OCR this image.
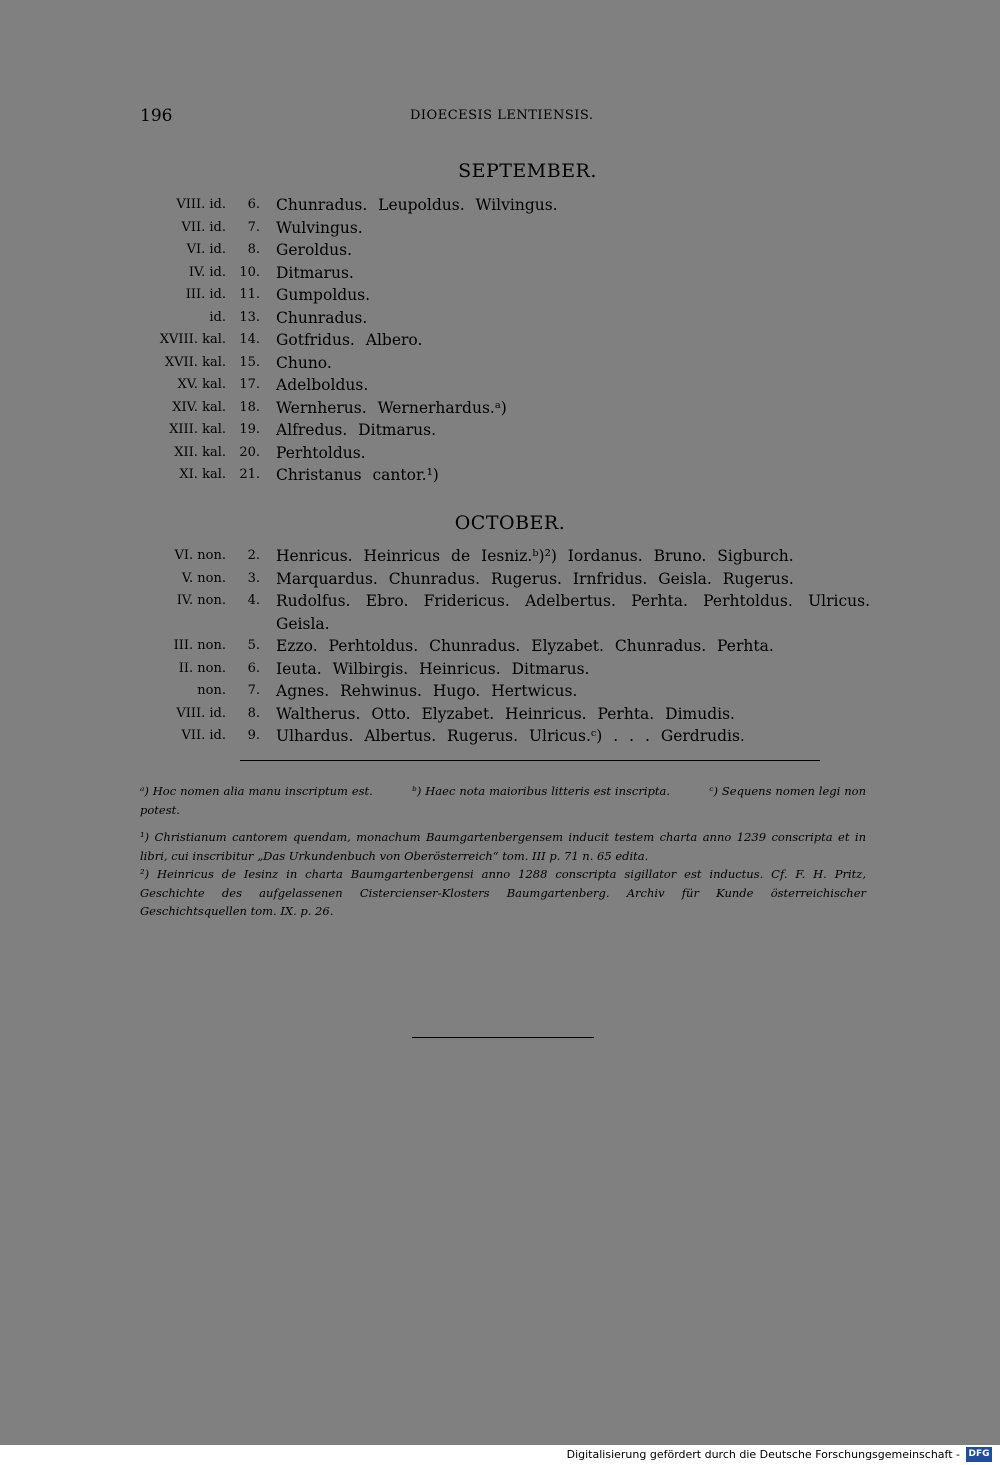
196	DIOECESIS LENTIENSIS.
SEPTEMBER.
VIII. id.	6. Chunradus. Leupoldus. Wilvingus.
VII. id.	7. Wulvingus.
VI. id.	8. Geroldus.
IV. id.	10. Ditmarus.
III. id.	11. Gumpoldus.
id.	13. Chunradus.
XVIII. kal.	14. Gotfridus. Albero.
XVII. kal.	15. Chuno.
XV. kal.	17. Adelboldus.
XIV. kal.	18. Wernherus. Wernerhardus.ᵃ)
XIII. kal.	19. Alfredus. Ditmarus.
XII. kal.	20. Perhtoldus.
XI. kal.	21. Christanus cantor.¹)
OCTOBER.
VI. non.	2. Henricus. Heinricus de Iesniz.ᵇ)²) Iordanus. Bruno. Sigburch.
V. non.	3. Marquardus. Chunradus. Rugerus. Irnfridus. Geisla. Rugerus.
IV. non.	4. Rudolfus. Ebro. Fridericus. Adelbertus. Perhta. Perhtoldus. Ulricus. Geisla.
III. non.	5. Ezzo. Perhtoldus. Chunradus. Elyzabet. Chunradus. Perhta.
II. non.	6. Ieuta. Wilbirgis. Heinricus. Ditmarus.
non.	7. Agnes. Rehwinus. Hugo. Hertwicus.
VIII. id.	8. Waltherus. Otto. Elyzabet. Heinricus. Perhta. Dimudis.
VII. id.	9. Ulhardus. Albertus. Rugerus. Ulricus.ᶜ) . . . Gerdrudis.

ᵃ) Hoc nomen alia manu inscriptum est.          ᵇ) Haec nota maioribus litteris est inscripta.          ᶜ) Sequens nomen legi non potest.

¹) Christianum cantorem quendam, monachum Baumgartenbergensem inducit testem charta anno 1239 conscripta et in libri, cui inscribitur „Das Urkundenbuch von Oberösterreich“ tom. III p. 71 n. 65 edita.

²) Heinricus de Iesinz in charta Baumgartenbergensi anno 1288 conscripta sigillator est inductus. Cf. F. H. Pritz, Geschichte des aufgelassenen Cistercienser-Klosters Baumgartenberg. Archiv für Kunde österreichischer Geschichtsquellen tom. IX. p. 26.

Digitalisierung gefördert durch die Deutsche Forschungsgemeinschaft - DFG
